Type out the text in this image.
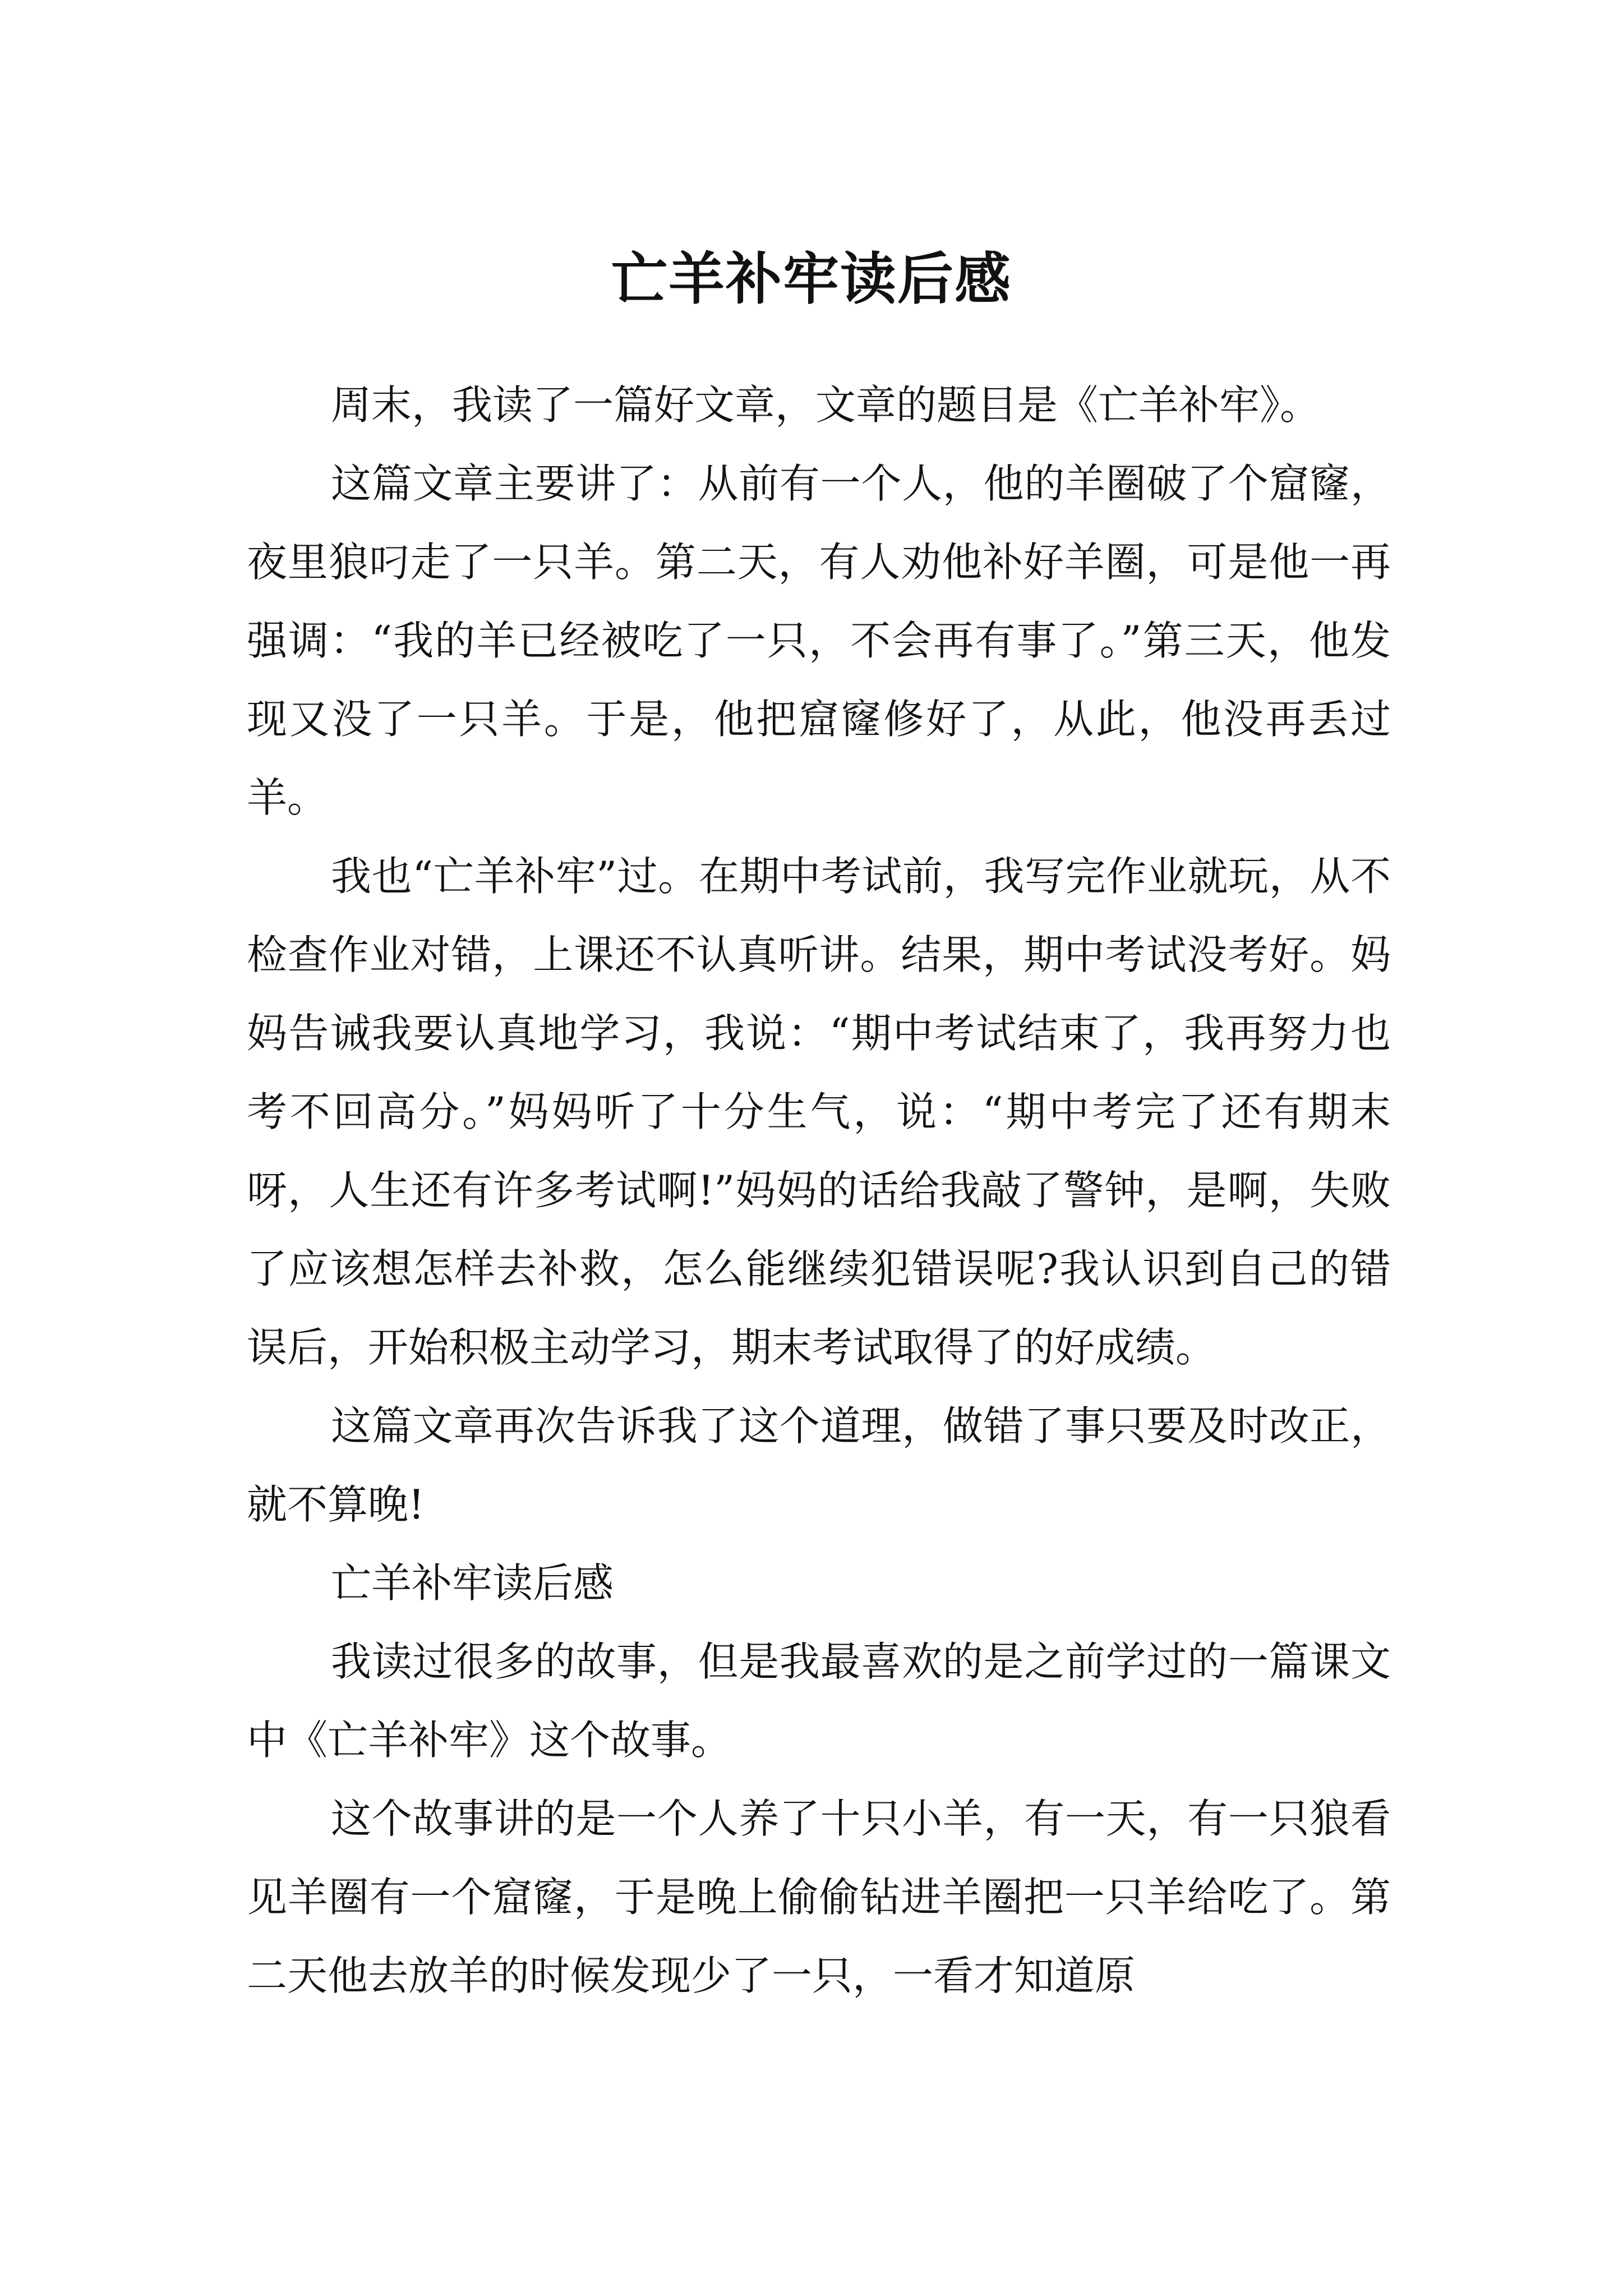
亡羊补牢读后感

周末，我读了一篇好文章，文章的题目是《亡羊补牢》。

这篇文章主要讲了：从前有一个人，他的羊圈破了个窟窿，夜里狼叼走了一只羊。第二天，有人劝他补好羊圈，可是他一再强调：“我的羊已经被吃了一只，不会再有事了。”第三天，他发现又没了一只羊。于是，他把窟窿修好了，从此，他没再丢过羊。

我也“亡羊补牢”过。在期中考试前，我写完作业就玩，从不检查作业对错，上课还不认真听讲。结果，期中考试没考好。妈妈告诫我要认真地学习，我说：“期中考试结束了，我再努力也考不回高分。”妈妈听了十分生气，说：“期中考完了还有期末呀，人生还有许多考试啊!”妈妈的话给我敲了警钟，是啊，失败了应该想怎样去补救，怎么能继续犯错误呢?我认识到自己的错误后，开始积极主动学习，期末考试取得了的好成绩。

这篇文章再次告诉我了这个道理，做错了事只要及时改正，就不算晚!

亡羊补牢读后感

我读过很多的故事，但是我最喜欢的是之前学过的一篇课文中《亡羊补牢》这个故事。

这个故事讲的是一个人养了十只小羊，有一天，有一只狼看见羊圈有一个窟窿，于是晚上偷偷钻进羊圈把一只羊给吃了。第二天他去放羊的时候发现少了一只，一看才知道原
